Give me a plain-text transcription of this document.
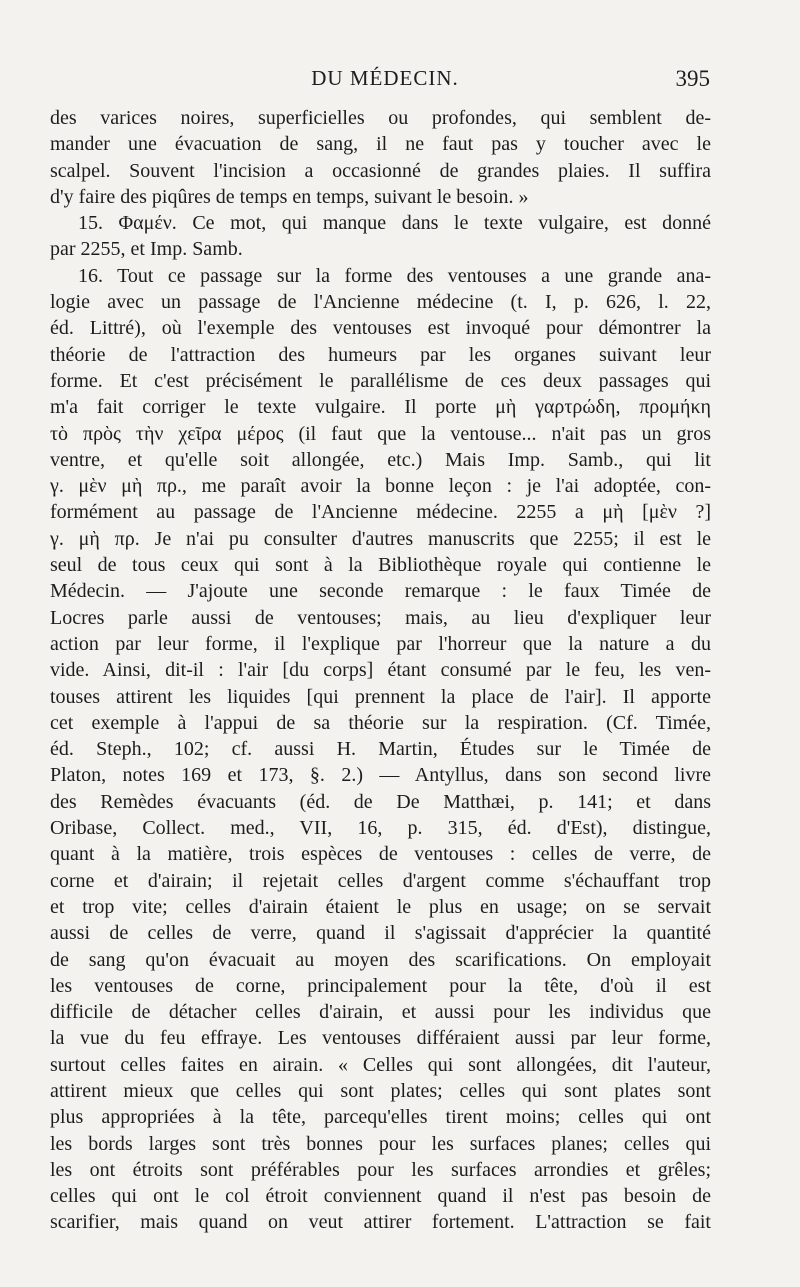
DU MÉDECIN.	395
des varices noires, superficielles ou profondes, qui semblent de-
mander une évacuation de sang, il ne faut pas y toucher avec le
scalpel. Souvent l'incision a occasionné de grandes plaies. Il suffira
d'y faire des piqûres de temps en temps, suivant le besoin. »
15. Φαμέν. Ce mot, qui manque dans le texte vulgaire, est donné
par 2255, et Imp. Samb.
16. Tout ce passage sur la forme des ventouses a une grande ana-
logie avec un passage de l'Ancienne médecine (t. I, p. 626, l. 22,
éd. Littré), où l'exemple des ventouses est invoqué pour démontrer la
théorie de l'attraction des humeurs par les organes suivant leur
forme. Et c'est précisément le parallélisme de ces deux passages qui
m'a fait corriger le texte vulgaire. Il porte μὴ γαρτρώδη, προμήκη
τὸ πρὸς τὴν χεῖρα μέρος (il faut que la ventouse... n'ait pas un gros
ventre, et qu'elle soit allongée, etc.) Mais Imp. Samb., qui lit
γ. μὲν μὴ πρ., me paraît avoir la bonne leçon : je l'ai adoptée, con-
formément au passage de l'Ancienne médecine. 2255 a μὴ [μὲν ?]
γ. μὴ πρ. Je n'ai pu consulter d'autres manuscrits que 2255; il est le
seul de tous ceux qui sont à la Bibliothèque royale qui contienne le
Médecin. — J'ajoute une seconde remarque : le faux Timée de
Locres parle aussi de ventouses; mais, au lieu d'expliquer leur
action par leur forme, il l'explique par l'horreur que la nature a du
vide. Ainsi, dit-il : l'air [du corps] étant consumé par le feu, les ven-
touses attirent les liquides [qui prennent la place de l'air]. Il apporte
cet exemple à l'appui de sa théorie sur la respiration. (Cf. Timée,
éd. Steph., 102; cf. aussi H. Martin, Études sur le Timée de
Platon, notes 169 et 173, §. 2.) — Antyllus, dans son second livre
des Remèdes évacuants (éd. de De Matthæi, p. 141; et dans
Oribase, Collect. med., VII, 16, p. 315, éd. d'Est), distingue,
quant à la matière, trois espèces de ventouses : celles de verre, de
corne et d'airain; il rejetait celles d'argent comme s'échauffant trop
et trop vite; celles d'airain étaient le plus en usage; on se servait
aussi de celles de verre, quand il s'agissait d'apprécier la quantité
de sang qu'on évacuait au moyen des scarifications. On employait
les ventouses de corne, principalement pour la tête, d'où il est
difficile de détacher celles d'airain, et aussi pour les individus que
la vue du feu effraye. Les ventouses différaient aussi par leur forme,
surtout celles faites en airain. « Celles qui sont allongées, dit l'auteur,
attirent mieux que celles qui sont plates; celles qui sont plates sont
plus appropriées à la tête, parcequ'elles tirent moins; celles qui ont
les bords larges sont très bonnes pour les surfaces planes; celles qui
les ont étroits sont préférables pour les surfaces arrondies et grêles;
celles qui ont le col étroit conviennent quand il n'est pas besoin de
scarifier, mais quand on veut attirer fortement. L'attraction se fait
